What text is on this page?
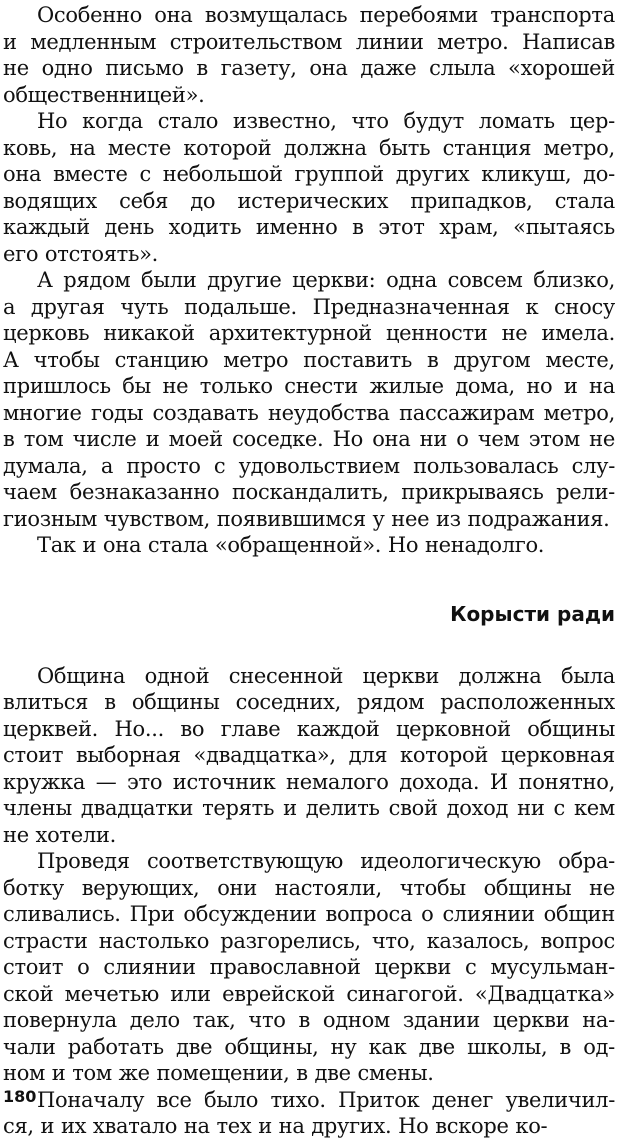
Особенно она возмущалась перебоями транспорта
и медленным строительством линии метро. Написав
не одно письмо в газету, она даже слыла «хорошей
общественницей».
Но когда стало известно, что будут ломать цер-
ковь, на месте которой должна быть станция метро,
она вместе с небольшой группой других кликуш, до-
водящих себя до истерических припадков, стала
каждый день ходить именно в этот храм, «пытаясь
его отстоять».
А рядом были другие церкви: одна совсем близко,
а другая чуть подальше. Предназначенная к сносу
церковь никакой архитектурной ценности не имела.
А чтобы станцию метро поставить в другом месте,
пришлось бы не только снести жилые дома, но и на
многие годы создавать неудобства пассажирам метро,
в том числе и моей соседке. Но она ни о чем этом не
думала, а просто с удовольствием пользовалась слу-
чаем безнаказанно поскандалить, прикрываясь рели-
гиозным чувством, появившимся у нее из подражания.
Так и она стала «обращенной». Но ненадолго.
Корысти ради
Община одной снесенной церкви должна была
влиться в общины соседних, рядом расположенных
церквей. Но... во главе каждой церковной общины
стоит выборная «двадцатка», для которой церковная
кружка — это источник немалого дохода. И понятно,
члены двадцатки терять и делить свой доход ни с кем
не хотели.
Проведя соответствующую идеологическую обра-
ботку верующих, они настояли, чтобы общины не
сливались. При обсуждении вопроса о слиянии общин
страсти настолько разгорелись, что, казалось, вопрос
стоит о слиянии православной церкви с мусульман-
ской мечетью или еврейской синагогой. «Двадцатка»
повернула дело так, что в одном здании церкви на-
чали работать две общины, ну как две школы, в од-
ном и том же помещении, в две смены.
Поначалу все было тихо. Приток денег увеличил-
ся, и их хватало на тех и на других. Но вскоре ко-
180
